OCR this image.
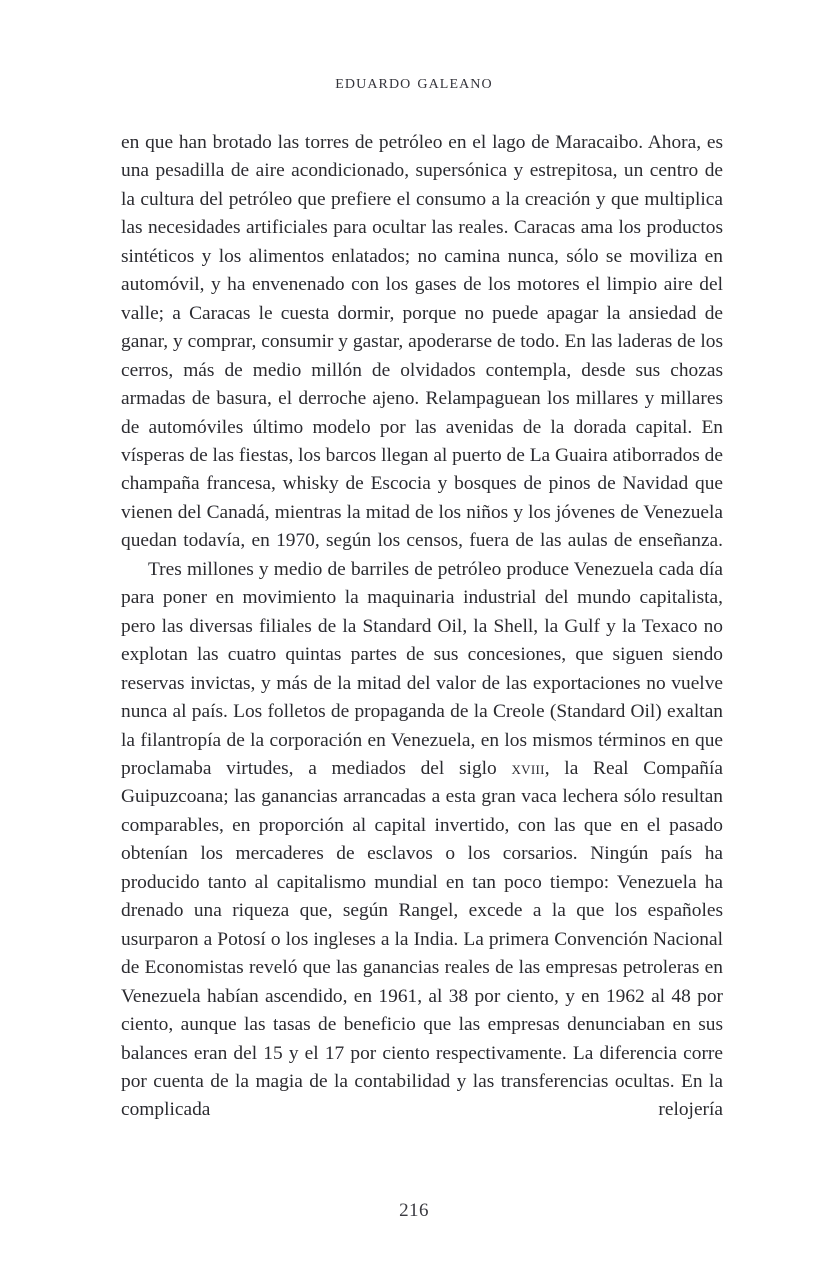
eduardo galeano

en que han brotado las torres de petróleo en el lago de Maracaibo. Ahora, es una pesadilla de aire acondicionado, supersónica y estrepitosa, un centro de la cultura del petróleo que prefiere el consumo a la creación y que multiplica las necesidades artificiales para ocultar las reales. Caracas ama los productos sintéticos y los alimentos enlatados; no camina nunca, sólo se moviliza en automóvil, y ha envenenado con los gases de los motores el limpio aire del valle; a Caracas le cuesta dormir, porque no puede apagar la ansiedad de ganar, y comprar, consumir y gastar, apoderarse de todo. En las laderas de los cerros, más de medio millón de olvidados contempla, desde sus chozas armadas de basura, el derroche ajeno. Relampaguean los millares y millares de automóviles último modelo por las avenidas de la dorada capital. En vísperas de las fiestas, los barcos llegan al puerto de La Guaira atiborrados de champaña francesa, whisky de Escocia y bosques de pinos de Navidad que vienen del Canadá, mientras la mitad de los niños y los jóvenes de Venezuela quedan todavía, en 1970, según los censos, fuera de las aulas de enseñanza.

Tres millones y medio de barriles de petróleo produce Venezuela cada día para poner en movimiento la maquinaria industrial del mundo capitalista, pero las diversas filiales de la Standard Oil, la Shell, la Gulf y la Texaco no explotan las cuatro quintas partes de sus concesiones, que siguen siendo reservas invictas, y más de la mitad del valor de las exportaciones no vuelve nunca al país. Los folletos de propaganda de la Creole (Standard Oil) exaltan la filantropía de la corporación en Venezuela, en los mismos términos en que proclamaba virtudes, a mediados del siglo xviii, la Real Compañía Guipuzcoana; las ganancias arrancadas a esta gran vaca lechera sólo resultan comparables, en proporción al capital invertido, con las que en el pasado obtenían los mercaderes de esclavos o los corsarios. Ningún país ha producido tanto al capitalismo mundial en tan poco tiempo: Venezuela ha drenado una riqueza que, según Rangel, excede a la que los españoles usurparon a Potosí o los ingleses a la India. La primera Convención Nacional de Economistas reveló que las ganancias reales de las empresas petroleras en Venezuela habían ascendido, en 1961, al 38 por ciento, y en 1962 al 48 por ciento, aunque las tasas de beneficio que las empresas denunciaban en sus balances eran del 15 y el 17 por ciento respectivamente. La diferencia corre por cuenta de la magia de la contabilidad y las transferencias ocultas. En la complicada relojería

216
